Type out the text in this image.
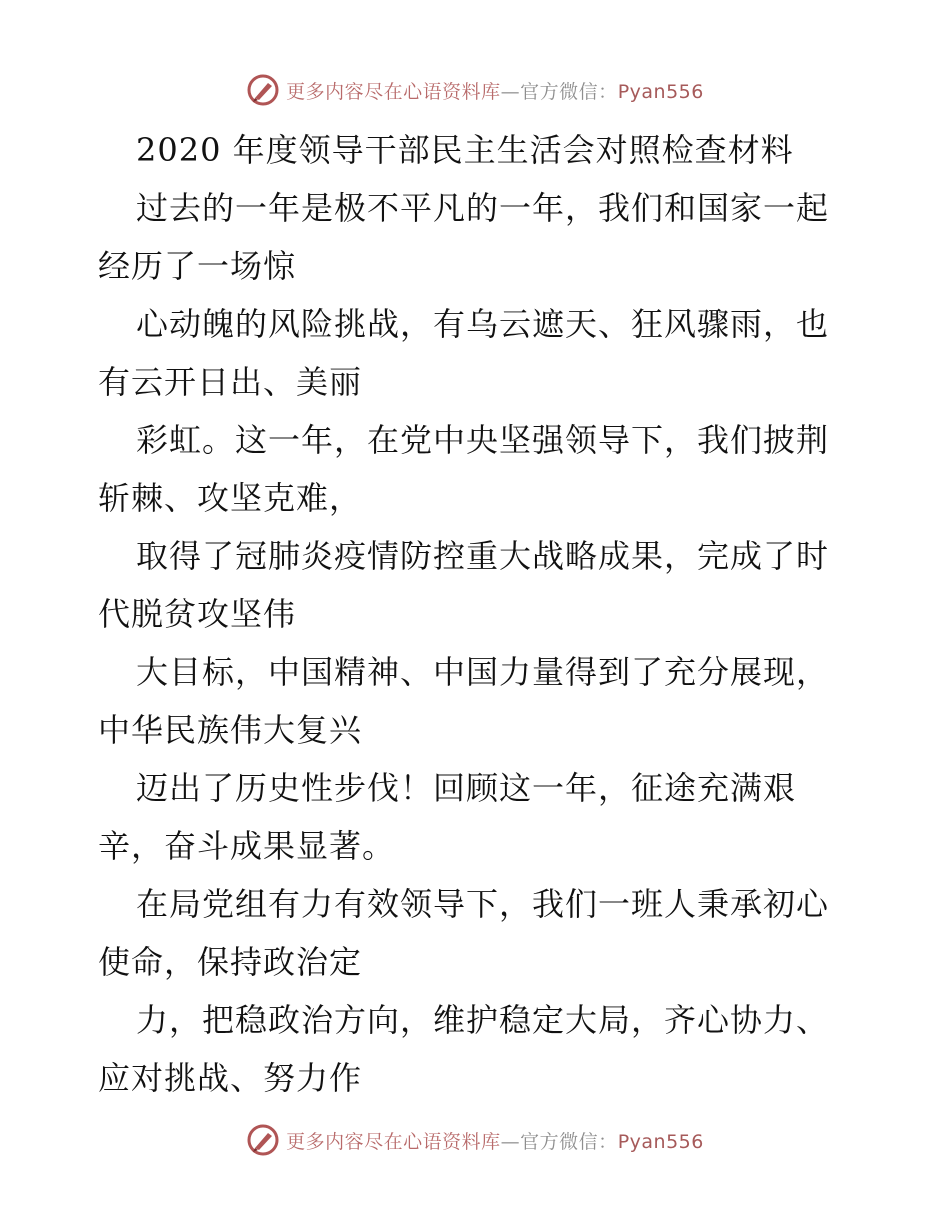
更多内容尽在心语资料库—官方微信：Pyan556
2020 年度领导干部民主生活会对照检查材料
过去的一年是极不平凡的一年，我们和国家一起
经历了一场惊
心动魄的风险挑战，有乌云遮天、狂风骤雨，也
有云开日出、美丽
彩虹。这一年，在党中央坚强领导下，我们披荆
斩棘、攻坚克难，
取得了冠肺炎疫情防控重大战略成果，完成了时
代脱贫攻坚伟
大目标，中国精神、中国力量得到了充分展现，
中华民族伟大复兴
迈出了历史性步伐！回顾这一年，征途充满艰
辛，奋斗成果显著。
在局党组有力有效领导下，我们一班人秉承初心
使命，保持政治定
力，把稳政治方向，维护稳定大局，齐心协力、
应对挑战、努力作
更多内容尽在心语资料库—官方微信：Pyan556
